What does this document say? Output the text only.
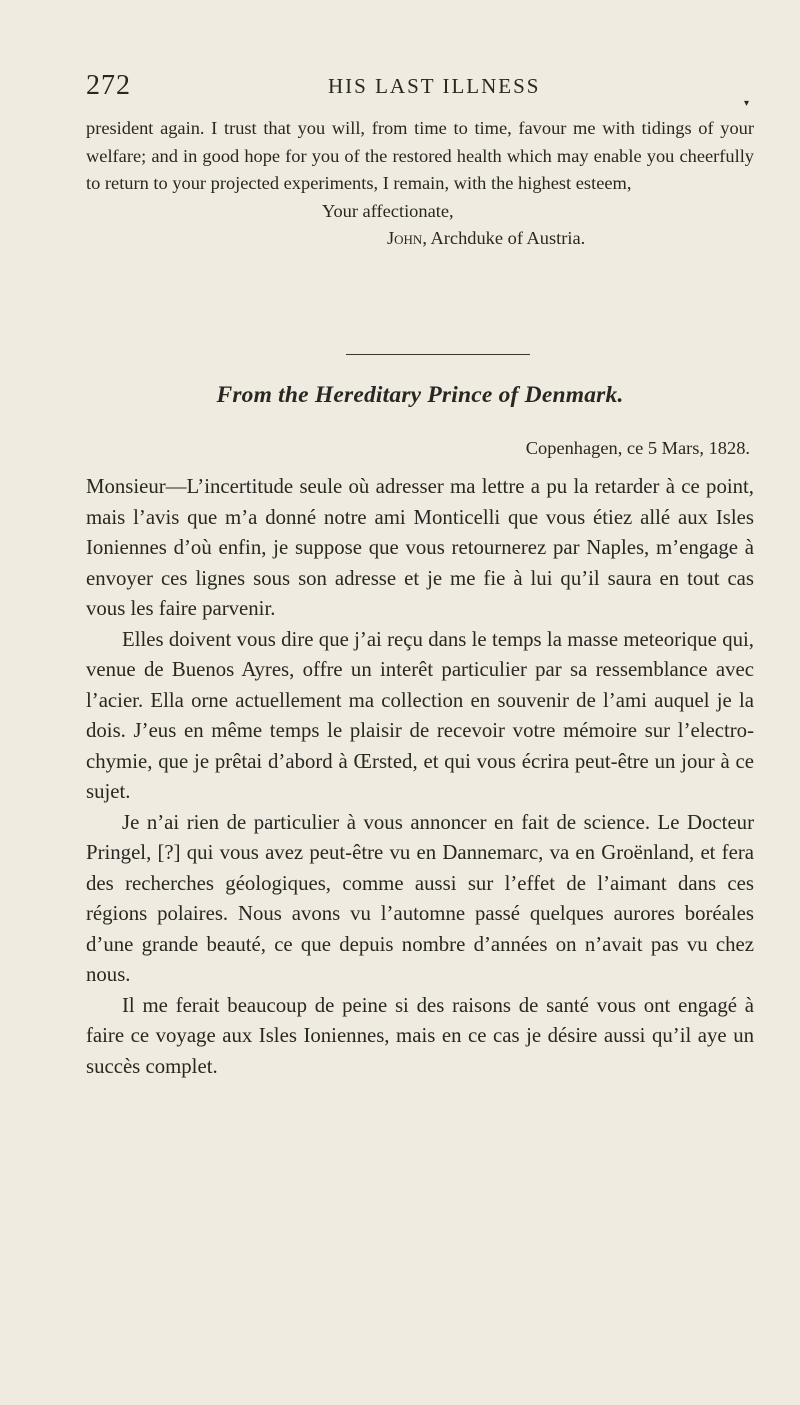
272	HIS LAST ILLNESS
▾

president again. I trust that you will, from time to time, favour me with tidings of your welfare; and in good hope for you of the restored health which may enable you cheerfully to return to your projected experiments, I remain, with the highest esteem,

Your affectionate,

John, Archduke of Austria.

From the Hereditary Prince of Denmark.
Copenhagen, ce 5 Mars, 1828.

Monsieur—L’incertitude seule où adresser ma lettre a pu la retarder à ce point, mais l’avis que m’a donné notre ami Monticelli que vous étiez allé aux Isles Ioniennes d’où enfin, je suppose que vous retournerez par Naples, m’engage à envoyer ces lignes sous son adresse et je me fie à lui qu’il saura en tout cas vous les faire parvenir.

Elles doivent vous dire que j’ai reçu dans le temps la masse meteorique qui, venue de Buenos Ayres, offre un interêt particulier par sa ressemblance avec l’acier. Ella orne actuellement ma collection en souvenir de l’ami auquel je la dois. J’eus en même temps le plaisir de recevoir votre mémoire sur l’electro-chymie, que je prêtai d’abord à Œrsted, et qui vous écrira peut-être un jour à ce sujet.

Je n’ai rien de particulier à vous annoncer en fait de science. Le Docteur Pringel, [?] qui vous avez peut-être vu en Dannemarc, va en Groënland, et fera des recherches géologiques, comme aussi sur l’effet de l’aimant dans ces régions polaires. Nous avons vu l’automne passé quelques aurores boréales d’une grande beauté, ce que depuis nombre d’années on n’avait pas vu chez nous.

Il me ferait beaucoup de peine si des raisons de santé vous ont engagé à faire ce voyage aux Isles Ioniennes, mais en ce cas je désire aussi qu’il aye un succès complet.
